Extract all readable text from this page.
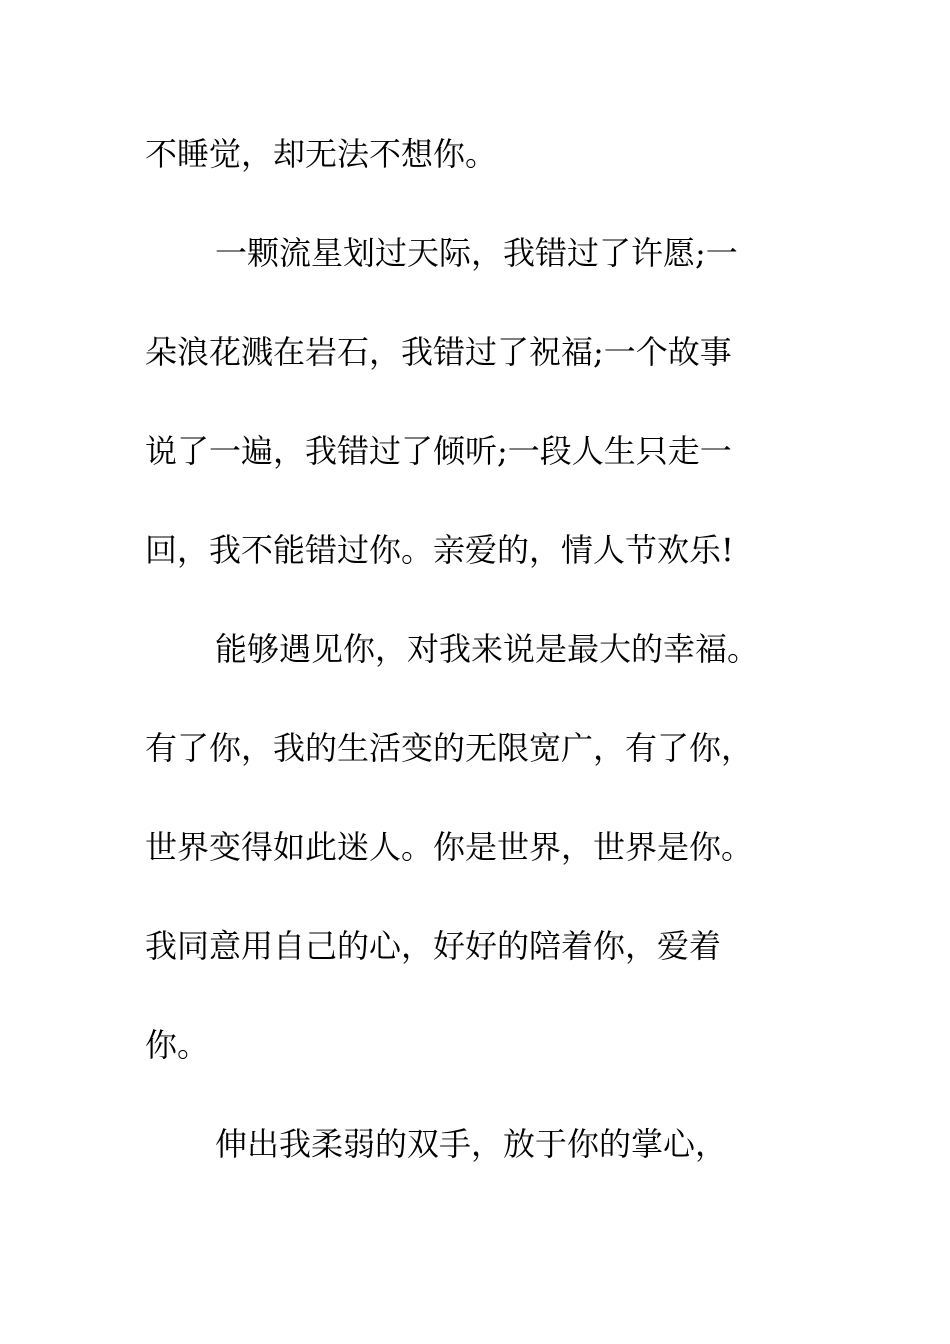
不睡觉，却无法不想你。
一颗流星划过天际，我错过了许愿;一
朵浪花溅在岩石，我错过了祝福;一个故事
说了一遍，我错过了倾听;一段人生只走一
回，我不能错过你。亲爱的，情人节欢乐!
能够遇见你，对我来说是最大的幸福。
有了你，我的生活变的无限宽广，有了你，
世界变得如此迷人。你是世界，世界是你。
我同意用自己的心，好好的陪着你，爱着
你。
伸出我柔弱的双手，放于你的掌心，
